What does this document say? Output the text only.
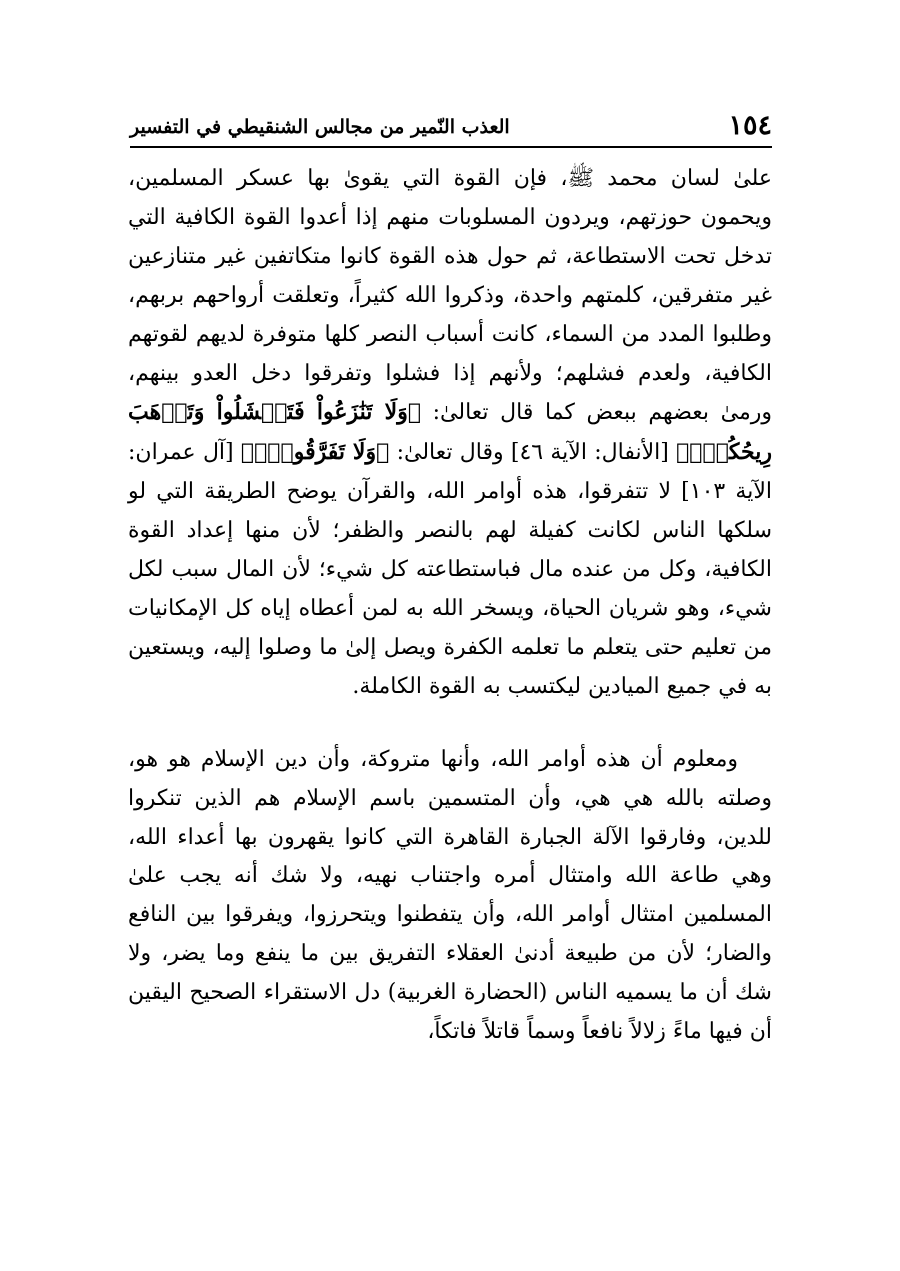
١٥٤
العذب النّمير من مجالس الشنقيطي في التفسير

علىٰ لسان محمد ﷺ، فإن القوة التي يقوىٰ بها عسكر المسلمين، ويحمون حوزتهم، ويردون المسلوبات منهم إذا أعدوا القوة الكافية التي تدخل تحت الاستطاعة، ثم حول هذه القوة كانوا متكاتفين غير متنازعين غير متفرقين، كلمتهم واحدة، وذكروا الله كثيراً، وتعلقت أرواحهم بربهم، وطلبوا المدد من السماء، كانت أسباب النصر كلها متوفرة لديهم لقوتهم الكافية، ولعدم فشلهم؛ ولأنهم إذا فشلوا وتفرقوا دخل العدو بينهم، ورمىٰ بعضهم ببعض كما قال تعالىٰ: ﴿وَلَا تَنَٰزَعُواْ فَتَفۡشَلُواْ وَتَذۡهَبَ رِيحُكُمۡۖ﴾ [الأنفال: الآية ٤٦] وقال تعالىٰ: ﴿وَلَا تَفَرَّقُواْۚ﴾ [آل عمران: الآية ١٠٣] لا تتفرقوا، هذه أوامر الله، والقرآن يوضح الطريقة التي لو سلكها الناس لكانت كفيلة لهم بالنصر والظفر؛ لأن منها إعداد القوة الكافية، وكل من عنده مال فباستطاعته كل شيء؛ لأن المال سبب لكل شيء، وهو شريان الحياة، ويسخر الله به لمن أعطاه إياه كل الإمكانيات من تعليم حتى يتعلم ما تعلمه الكفرة ويصل إلىٰ ما وصلوا إليه، ويستعين به في جميع الميادين ليكتسب به القوة الكاملة.

ومعلوم أن هذه أوامر الله، وأنها متروكة، وأن دين الإسلام هو هو، وصلته بالله هي هي، وأن المتسمين باسم الإسلام هم الذين تنكروا للدين، وفارقوا الآلة الجبارة القاهرة التي كانوا يقهرون بها أعداء الله، وهي طاعة الله وامتثال أمره واجتناب نهيه، ولا شك أنه يجب علىٰ المسلمين امتثال أوامر الله، وأن يتفطنوا ويتحرزوا، ويفرقوا بين النافع والضار؛ لأن من طبيعة أدنىٰ العقلاء التفريق بين ما ينفع وما يضر، ولا شك أن ما يسميه الناس (الحضارة الغربية) دل الاستقراء الصحيح اليقين أن فيها ماءً زلالاً نافعاً وسماً قاتلاً فاتكاً،
